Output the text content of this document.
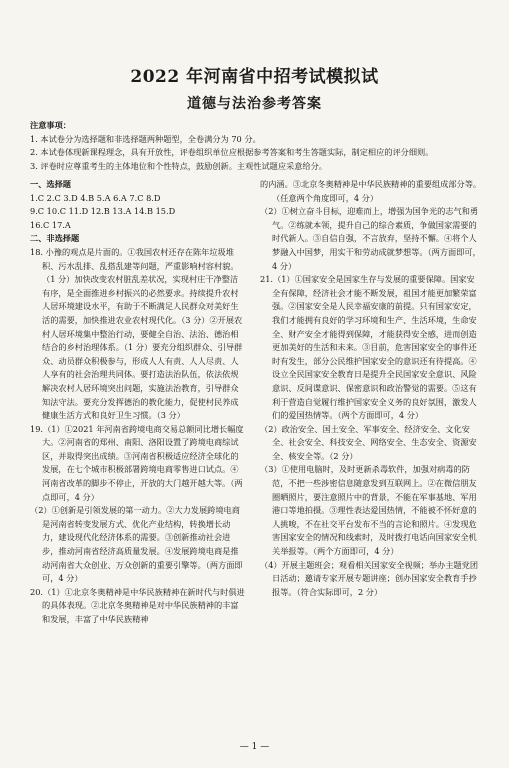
2022 年河南省中招考试模拟试
道德与法治参考答案

注意事项：

1. 本试卷分为选择题和非选择题两种题型，全卷满分为 70 分。

2. 本试卷体现新课程理念，具有开放性，评卷组织单位应根据参考答案和考生答题实际，制定相应的评分细则。

3. 评卷时应尊重考生的主体地位和个性特点，鼓励创新。主观性试题应采意给分。

一、选择题

1.C 2.C 3.D 4.B 5.A 6.A 7.C 8.D

9.C 10.C 11.D 12.B 13.A 14.B 15.D

16.C 17.A

二、非选择题

18. 小豫的观点是片面的。①我国农村还存在陈年垃圾堆积、污水乱排、乱搭乱建等问题，严重影响村容村貌。（1 分）加快改变农村脏乱差状况，实现村庄干净整洁有序，是全面推进乡村振兴的必然要求。持续提升农村人居环境建设水平，有助于不断满足人民群众对美好生活的需要，加快推进农业农村现代化。（3 分）②开展农村人居环境集中整治行动，要健全自治、法治、德治相结合的乡村治理体系。（1 分）要充分组织群众、引导群众、动员群众积极参与，形成人人有责、人人尽责、人人享有的社会治理共同体。要打造法治队伍，依法依规解决农村人居环境突出问题，实施法治教育，引导群众知法守法。要充分发挥德治的教化能力，促使村民养成健康生活方式和良好卫生习惯。（3 分）

19.（1）①2021 年河南省跨境电商交易总额同比增长幅度大。②河南省的郑州、南阳、洛阳设置了跨境电商综试区，并取得突出成绩。③河南省积极适应经济全球化的发展，在七个城市积极部署跨境电商零售进口试点。④河南省改革的脚步不停止，开放的大门越开越大等。（两点即可，4 分）

（2）①创新是引领发展的第一动力。②大力发展跨境电商是河南省转变发展方式、优化产业结构，转换增长动力，建设现代化经济体系的需要。③创新推动社会进步，推动河南省经济高质量发展。④发展跨境电商是推动河南省大众创业、万众创新的重要引擎等。（两方面即可，4 分）

20.（1）①北京冬奥精神是中华民族精神在新时代与时俱进的具体表现。②北京冬奥精神是对中华民族精神的丰富和发展，丰富了中华民族精神

的内涵。③北京冬奥精神是中华民族精神的重要组成部分等。（任意两个角度即可，4 分）

（2）①树立奋斗目标，迎难而上，增强为国争光的志气和勇气。②练就本领，提升自己的综合素质，争做国家需要的时代新人。③自信自强，不言放弃，坚持不懈。④将个人梦融入中国梦，用实干和劳动成就梦想等。（两方面即可，4 分）

21.（1）①国家安全是国家生存与发展的重要保障。国家安全有保障，经济社会才能不断发展，祖国才能更加繁荣富强。②国家安全是人民幸福安康的前提。只有国家安定，我们才能拥有良好的学习环境和生产、生活环境，生命安全、财产安全才能得到保障，才能获得安全感，进而创造更加美好的生活和未来。③目前，危害国家安全的事件还时有发生，部分公民维护国家安全的意识还有待提高。④设立全民国家安全教育日是提升全民国家安全意识、风险意识、反间谍意识、保密意识和政治警觉的需要。⑤这有利于营造自觉履行维护国家安全义务的良好氛围，激发人们的爱国热情等。（两个方面即可，4 分）

（2）政治安全、国土安全、军事安全、经济安全、文化安全、社会安全、科技安全、网络安全、生态安全、资源安全、核安全等。（2 分）

（3）①使用电脑时，及时更新杀毒软件，加强对病毒的防范，不把一些涉密信息随意发到互联网上。②在微信朋友圈晒照片，要注意照片中的背景，不能在军事基地、军用港口等地拍摄。③理性表达爱国热情，不能被不怀好意的人挑唆，不在社交平台发布不当的言论和照片。④发现危害国家安全的情况和线索时，及时拨打电话向国家安全机关举报等。（两个方面即可，4 分）

（4）开展主题班会；观看相关国家安全视频；举办主题党团日活动；邀请专家开展专题讲座；创办国家安全教育手抄报等。（符合实际即可，2 分）

— 1 —
